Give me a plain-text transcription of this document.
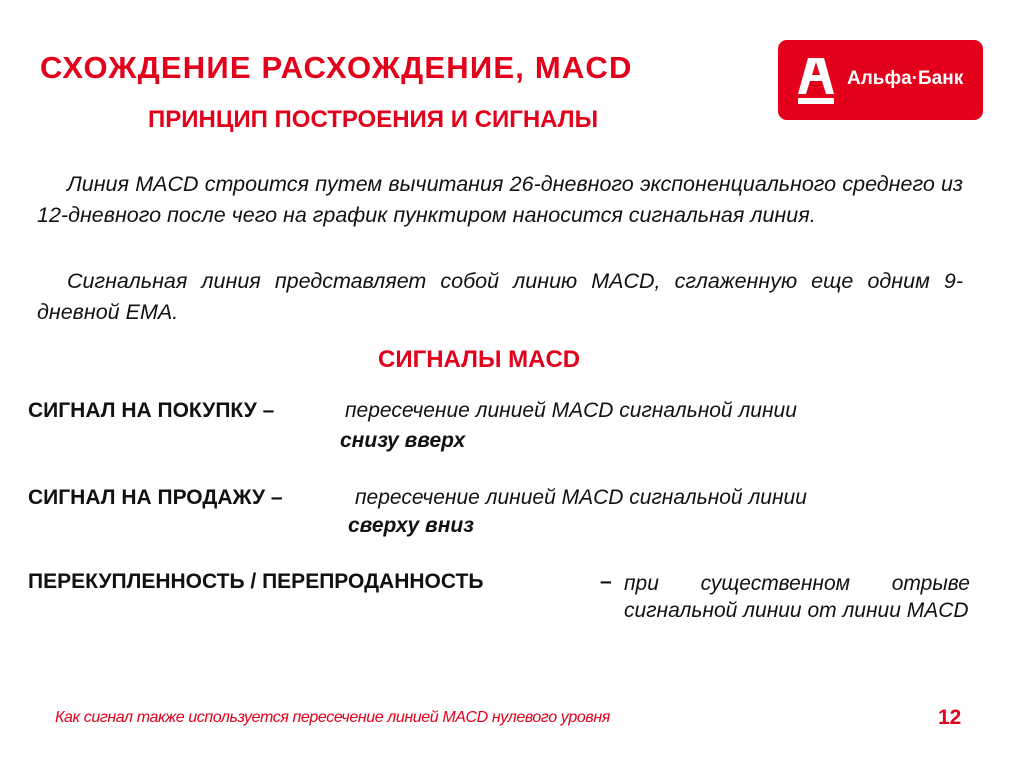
СХОЖДЕНИЕ РАСХОЖДЕНИЕ, MACD
ПРИНЦИП ПОСТРОЕНИЯ И СИГНАЛЫ
Альфа·Банк

Линия MACD строится путем вычитания 26-дневного экспоненциального среднего из 12-дневного после чего на график пунктиром наносится сигнальная линия.

Сигнальная линия представляет собой линию MACD, сглаженную еще одним 9-дневной EMA.

СИГНАЛЫ MACD
СИГНАЛ НА ПОКУПКУ –	пересечение линией MACD сигнальной линии
снизу вверх
СИГНАЛ НА ПРОДАЖУ –	пересечение линией MACD сигнальной линии
сверху вниз
ПЕРЕКУПЛЕННОСТЬ / ПЕРЕПРОДАННОСТЬ	– при существенном отрыве сигнальной линии от линии MACD

Как сигнал также используется пересечение линией MACD нулевого уровня	12
